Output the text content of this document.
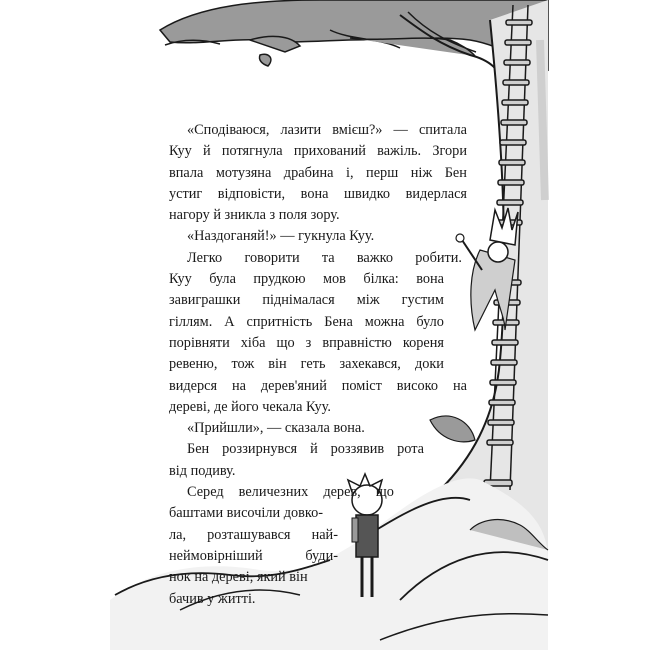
«Сподіваюся, лазити вмієш?» — спитала
Куу й потягнула прихований важіль. Згори
впала мотузяна драбина і, перш ніж Бен
устиг відповісти, вона швидко видерлася
нагору й зникла з поля зору.
«Наздоганяй!» — гукнула Куу.
Легко говорити та важко робити.
Куу була прудкою мов білка: вона
завиграшки піднімалася між густим
гіллям. А спритність Бена можна було
порівняти хіба що з вправністю кореня
ревеню, тож він геть захекався, доки
видерся на дерев'яний поміст високо на
дереві, де його чекала Куу.
«Прийшли», — сказала вона.
Бен роззирнувся й роззявив рота
від подиву.
Серед величезних дерев, що
баштами височіли довко-
ла, розташувався най-
неймовірніший	буди-
нок на дереві, який він
бачив у житті.
